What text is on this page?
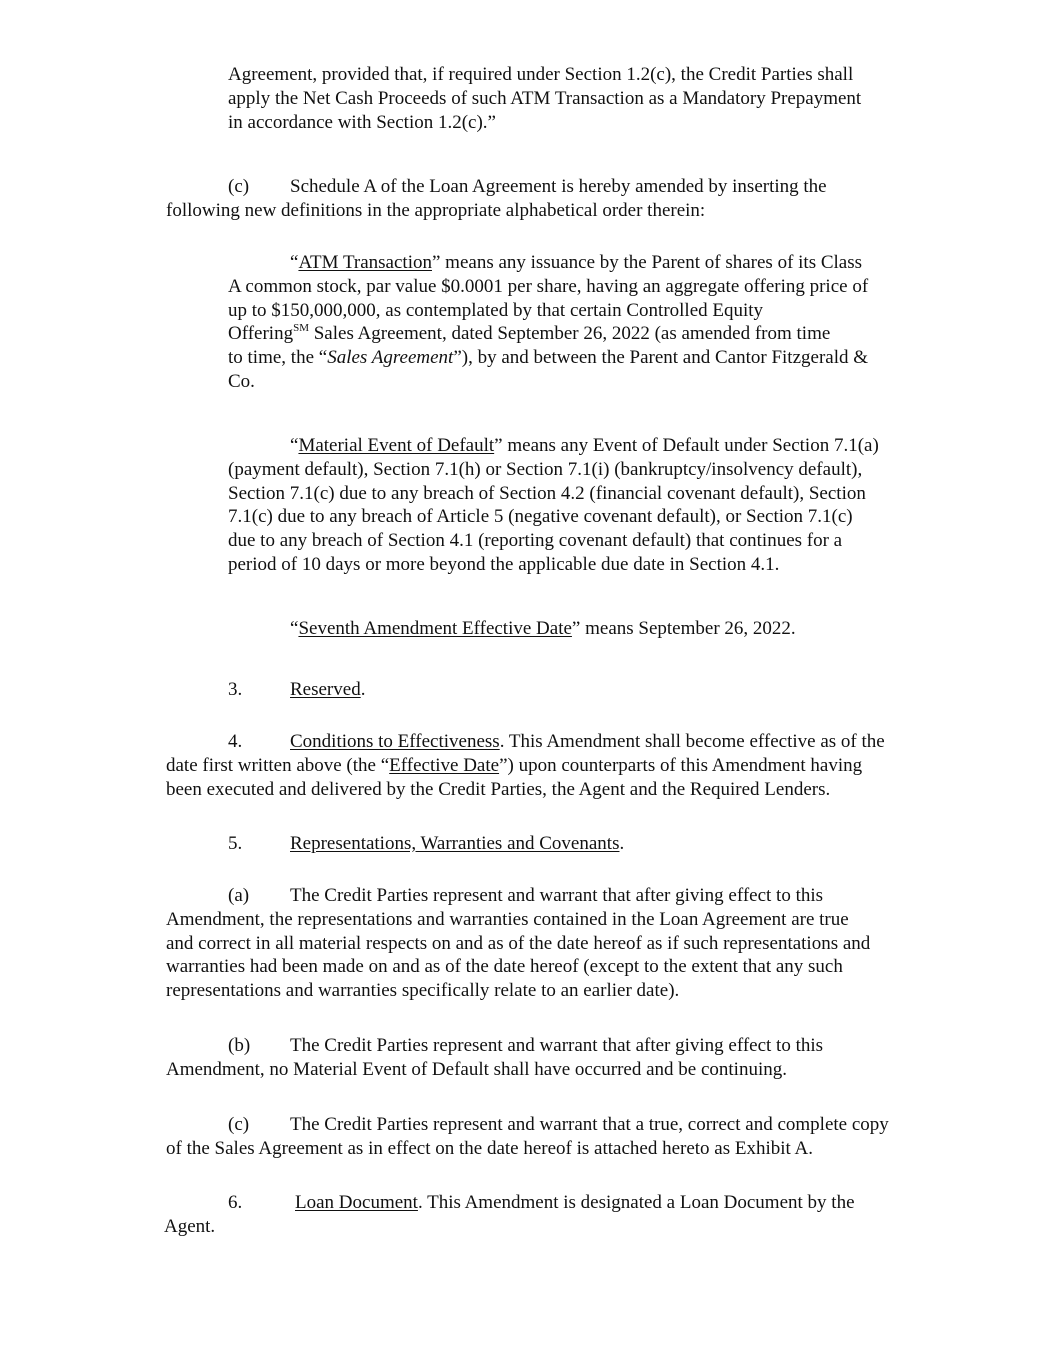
Agreement, provided that, if required under Section 1.2(c), the Credit Parties shall
apply the Net Cash Proceeds of such ATM Transaction as a Mandatory Prepayment
in accordance with Section 1.2(c).”
(c) Schedule A of the Loan Agreement is hereby amended by inserting the
following new definitions in the appropriate alphabetical order therein:
“ATM Transaction” means any issuance by the Parent of shares of its Class
A common stock, par value $0.0001 per share, having an aggregate offering price of
up to $150,000,000, as contemplated by that certain Controlled Equity
Offering℠ Sales Agreement, dated September 26, 2022 (as amended from time
to time, the “Sales Agreement”), by and between the Parent and Cantor Fitzgerald &
Co.
“Material Event of Default” means any Event of Default under Section 7.1(a)
(payment default), Section 7.1(h) or Section 7.1(i) (bankruptcy/insolvency default),
Section 7.1(c) due to any breach of Section 4.2 (financial covenant default), Section
7.1(c) due to any breach of Article 5 (negative covenant default), or Section 7.1(c)
due to any breach of Section 4.1 (reporting covenant default) that continues for a
period of 10 days or more beyond the applicable due date in Section 4.1.
“Seventh Amendment Effective Date” means September 26, 2022.
3.	Reserved.
4.	Conditions to Effectiveness. This Amendment shall become effective as of the
date first written above (the “Effective Date”) upon counterparts of this Amendment having
been executed and delivered by the Credit Parties, the Agent and the Required Lenders.
5.	Representations, Warranties and Covenants.
(a) The Credit Parties represent and warrant that after giving effect to this
Amendment, the representations and warranties contained in the Loan Agreement are true
and correct in all material respects on and as of the date hereof as if such representations and
warranties had been made on and as of the date hereof (except to the extent that any such
representations and warranties specifically relate to an earlier date).
(b) The Credit Parties represent and warrant that after giving effect to this
Amendment, no Material Event of Default shall have occurred and be continuing.
(c) The Credit Parties represent and warrant that a true, correct and complete copy
of the Sales Agreement as in effect on the date hereof is attached hereto as Exhibit A.
6.	Loan Document. This Amendment is designated a Loan Document by the
Agent.
